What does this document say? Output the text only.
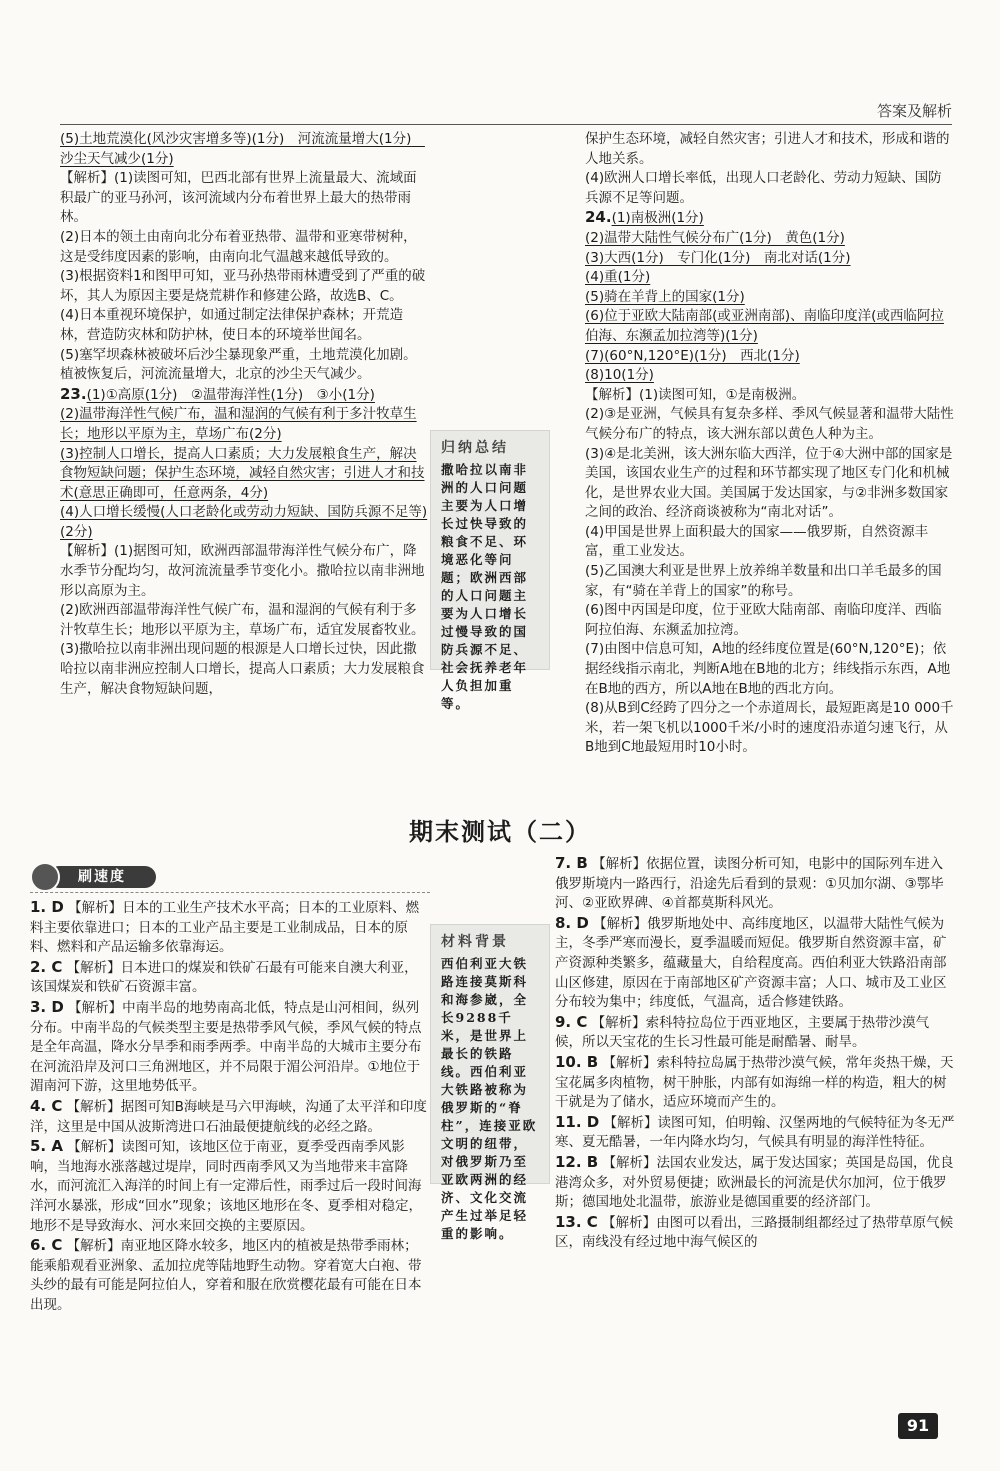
答案及解析

(5)土地荒漠化(风沙灾害增多等)(1分)　河流流量增大(1分)　沙尘天气减少(1分)

【解析】(1)读图可知，巴西北部有世界上流量最大、流域面积最广的亚马孙河，该河流域内分布着世界上最大的热带雨林。

(2)日本的领土由南向北分布着亚热带、温带和亚寒带树种，这是受纬度因素的影响，由南向北气温越来越低导致的。

(3)根据资料1和图甲可知，亚马孙热带雨林遭受到了严重的破坏，其人为原因主要是烧荒耕作和修建公路，故选B、C。

(4)日本重视环境保护，如通过制定法律保护森林；开荒造林，营造防灾林和防护林，使日本的环境举世闻名。

(5)塞罕坝森林被破坏后沙尘暴现象严重，土地荒漠化加剧。植被恢复后，河流流量增大，北京的沙尘天气减少。

23.(1)①高原(1分)　②温带海洋性(1分)　③小(1分)

(2)温带海洋性气候广布，温和湿润的气候有利于多汁牧草生长；地形以平原为主，草场广布(2分)

(3)控制人口增长，提高人口素质；大力发展粮食生产，解决食物短缺问题；保护生态环境，减轻自然灾害；引进人才和技术(意思正确即可，任意两条，4分)

(4)人口增长缓慢(人口老龄化或劳动力短缺、国防兵源不足等)(2分)

【解析】(1)据图可知，欧洲西部温带海洋性气候分布广，降水季节分配均匀，故河流流量季节变化小。撒哈拉以南非洲地形以高原为主。

(2)欧洲西部温带海洋性气候广布，温和湿润的气候有利于多汁牧草生长；地形以平原为主，草场广布，适宜发展畜牧业。

(3)撒哈拉以南非洲出现问题的根源是人口增长过快，因此撒哈拉以南非洲应控制人口增长，提高人口素质；大力发展粮食生产，解决食物短缺问题，

归纳总结

撒哈拉以南非洲的人口问题主要为人口增长过快导致的粮食不足、环境恶化等问题；欧洲西部的人口问题主要为人口增长过慢导致的国防兵源不足、社会抚养老年人负担加重等。

保护生态环境，减轻自然灾害；引进人才和技术，形成和谐的人地关系。

(4)欧洲人口增长率低，出现人口老龄化、劳动力短缺、国防兵源不足等问题。

24.(1)南极洲(1分)

(2)温带大陆性气候分布广(1分)　黄色(1分)

(3)大西(1分)　专门化(1分)　南北对话(1分)

(4)重(1分)

(5)骑在羊背上的国家(1分)

(6)位于亚欧大陆南部(或亚洲南部)、南临印度洋(或西临阿拉伯海、东濒孟加拉湾等)(1分)

(7)(60°N,120°E)(1分)　西北(1分)

(8)10(1分)

【解析】(1)读图可知，①是南极洲。

(2)③是亚洲，气候具有复杂多样、季风气候显著和温带大陆性气候分布广的特点，该大洲东部以黄色人种为主。

(3)④是北美洲，该大洲东临大西洋，位于④大洲中部的国家是美国，该国农业生产的过程和环节都实现了地区专门化和机械化，是世界农业大国。美国属于发达国家，与②非洲多数国家之间的政治、经济商谈被称为“南北对话”。

(4)甲国是世界上面积最大的国家——俄罗斯，自然资源丰富，重工业发达。

(5)乙国澳大利亚是世界上放养绵羊数量和出口羊毛最多的国家，有“骑在羊背上的国家”的称号。

(6)图中丙国是印度，位于亚欧大陆南部、南临印度洋、西临阿拉伯海、东濒孟加拉湾。

(7)由图中信息可知，A地的经纬度位置是(60°N,120°E)；依据经线指示南北，判断A地在B地的北方；纬线指示东西，A地在B地的西方，所以A地在B地的西北方向。

(8)从B到C经跨了四分之一个赤道周长，最短距离是10 000千米，若一架飞机以1000千米/小时的速度沿赤道匀速飞行，从B地到C地最短用时10小时。

期末测试（二）
刷速度

1. D 【解析】日本的工业生产技术水平高；日本的工业原料、燃料主要依靠进口；日本的工业产品主要是工业制成品，日本的原料、燃料和产品运输多依靠海运。

2. C 【解析】日本进口的煤炭和铁矿石最有可能来自澳大利亚，该国煤炭和铁矿石资源丰富。

3. D 【解析】中南半岛的地势南高北低，特点是山河相间，纵列分布。中南半岛的气候类型主要是热带季风气候，季风气候的特点是全年高温，降水分旱季和雨季两季。中南半岛的大城市主要分布在河流沿岸及河口三角洲地区，并不局限于湄公河沿岸。①地位于湄南河下游，这里地势低平。

4. C 【解析】据图可知B海峡是马六甲海峡，沟通了太平洋和印度洋，这里是中国从波斯湾进口石油最便捷航线的必经之路。

5. A 【解析】读图可知，该地区位于南亚，夏季受西南季风影响，当地海水涨落越过堤岸，同时西南季风又为当地带来丰富降水，而河流汇入海洋的时间上有一定滞后性，雨季过后一段时间海洋河水暴涨，形成“回水”现象；该地区地形在冬、夏季相对稳定，地形不是导致海水、河水来回交换的主要原因。

6. C 【解析】南亚地区降水较多，地区内的植被是热带季雨林；能乘船观看亚洲象、孟加拉虎等陆地野生动物。穿着宽大白袍、带头纱的最有可能是阿拉伯人，穿着和服在欣赏樱花最有可能在日本出现。

材料背景

西伯利亚大铁路连接莫斯科和海参崴，全长9288千米，是世界上最长的铁路线。西伯利亚大铁路被称为俄罗斯的“脊柱”，连接亚欧文明的纽带，对俄罗斯乃至亚欧两洲的经济、文化交流产生过举足轻重的影响。

7. B 【解析】依据位置，读图分析可知，电影中的国际列车进入俄罗斯境内一路西行，沿途先后看到的景观：①贝加尔湖、③鄂毕河、②亚欧界碑、④首都莫斯科风光。

8. D 【解析】俄罗斯地处中、高纬度地区，以温带大陆性气候为主，冬季严寒而漫长，夏季温暖而短促。俄罗斯自然资源丰富，矿产资源种类繁多，蕴藏量大，自给程度高。西伯利亚大铁路沿南部山区修建，原因在于南部地区矿产资源丰富；人口、城市及工业区分布较为集中；纬度低，气温高，适合修建铁路。

9. C 【解析】索科特拉岛位于西亚地区，主要属于热带沙漠气候，所以天宝花的生长习性最可能是耐酷暑、耐旱。

10. B 【解析】索科特拉岛属于热带沙漠气候，常年炎热干燥，天宝花属多肉植物，树干肿胀，内部有如海绵一样的构造，粗大的树干就是为了储水，适应环境而产生的。

11. D 【解析】读图可知，伯明翰、汉堡两地的气候特征为冬无严寒、夏无酷暑，一年内降水均匀，气候具有明显的海洋性特征。

12. B 【解析】法国农业发达，属于发达国家；英国是岛国，优良港湾众多，对外贸易便捷；欧洲最长的河流是伏尔加河，位于俄罗斯；德国地处北温带，旅游业是德国重要的经济部门。

13. C 【解析】由图可以看出，三路摄制组都经过了热带草原气候区，南线没有经过地中海气候区的

91
